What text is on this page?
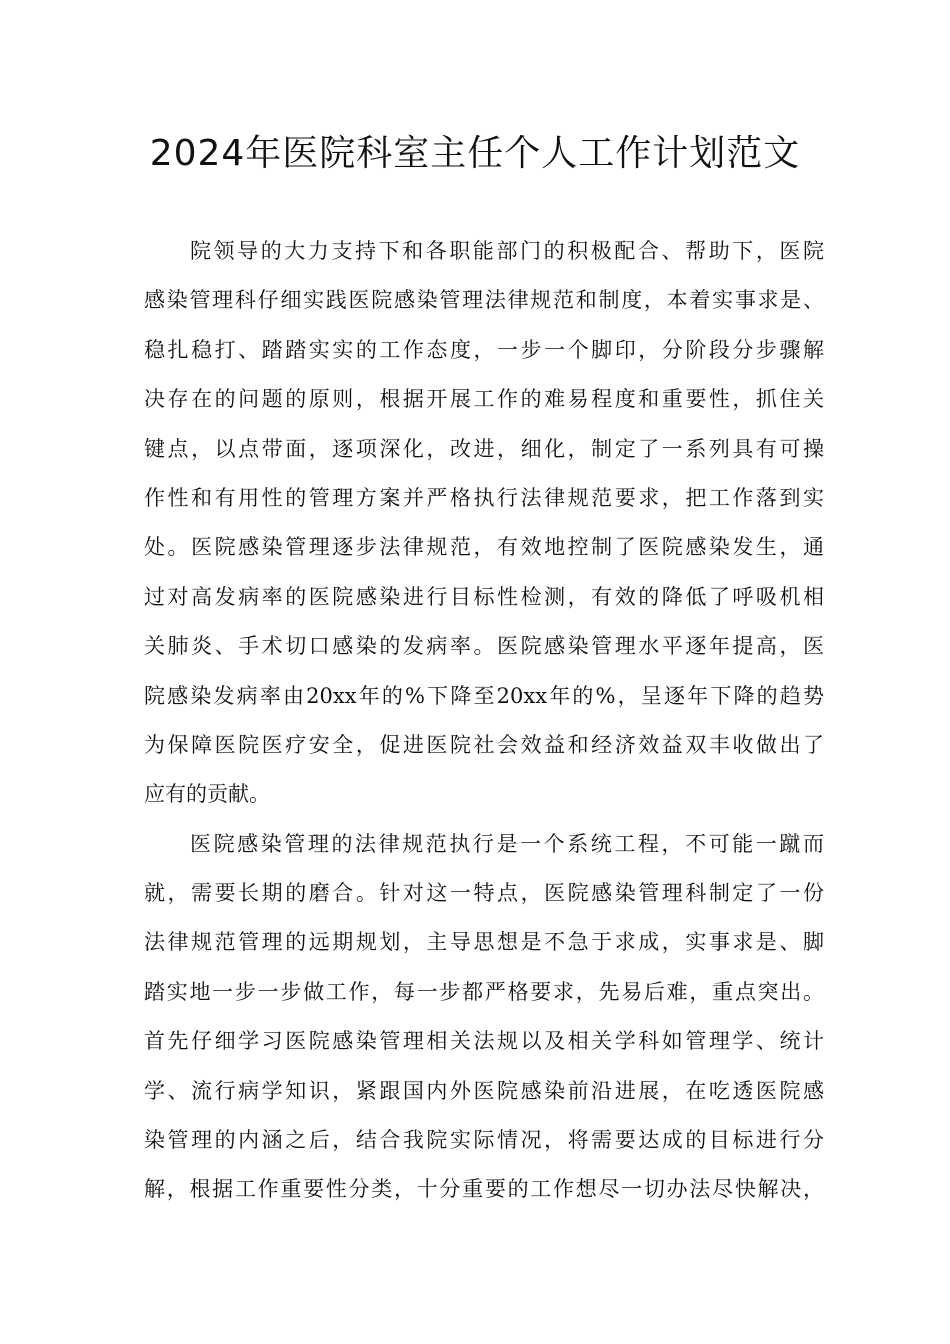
2024年医院科室主任个人工作计划范文
院领导的大力支持下和各职能部门的积极配合、帮助下，医院
感染管理科仔细实践医院感染管理法律规范和制度，本着实事求是、
稳扎稳打、踏踏实实的工作态度，一步一个脚印，分阶段分步骤解
决存在的问题的原则，根据开展工作的难易程度和重要性，抓住关
键点，以点带面，逐项深化，改进，细化，制定了一系列具有可操
作性和有用性的管理方案并严格执行法律规范要求，把工作落到实
处。医院感染管理逐步法律规范，有效地控制了医院感染发生，通
过对高发病率的医院感染进行目标性检测，有效的降低了呼吸机相
关肺炎、手术切口感染的发病率。医院感染管理水平逐年提高，医
院感染发病率由20xx年的%下降至20xx年的%，呈逐年下降的趋势
为保障医院医疗安全，促进医院社会效益和经济效益双丰收做出了
应有的贡献。
医院感染管理的法律规范执行是一个系统工程，不可能一蹴而
就，需要长期的磨合。针对这一特点，医院感染管理科制定了一份
法律规范管理的远期规划，主导思想是不急于求成，实事求是、脚
踏实地一步一步做工作，每一步都严格要求，先易后难，重点突出。
首先仔细学习医院感染管理相关法规以及相关学科如管理学、统计
学、流行病学知识，紧跟国内外医院感染前沿进展，在吃透医院感
染管理的内涵之后，结合我院实际情况，将需要达成的目标进行分
解，根据工作重要性分类，十分重要的工作想尽一切办法尽快解决，
